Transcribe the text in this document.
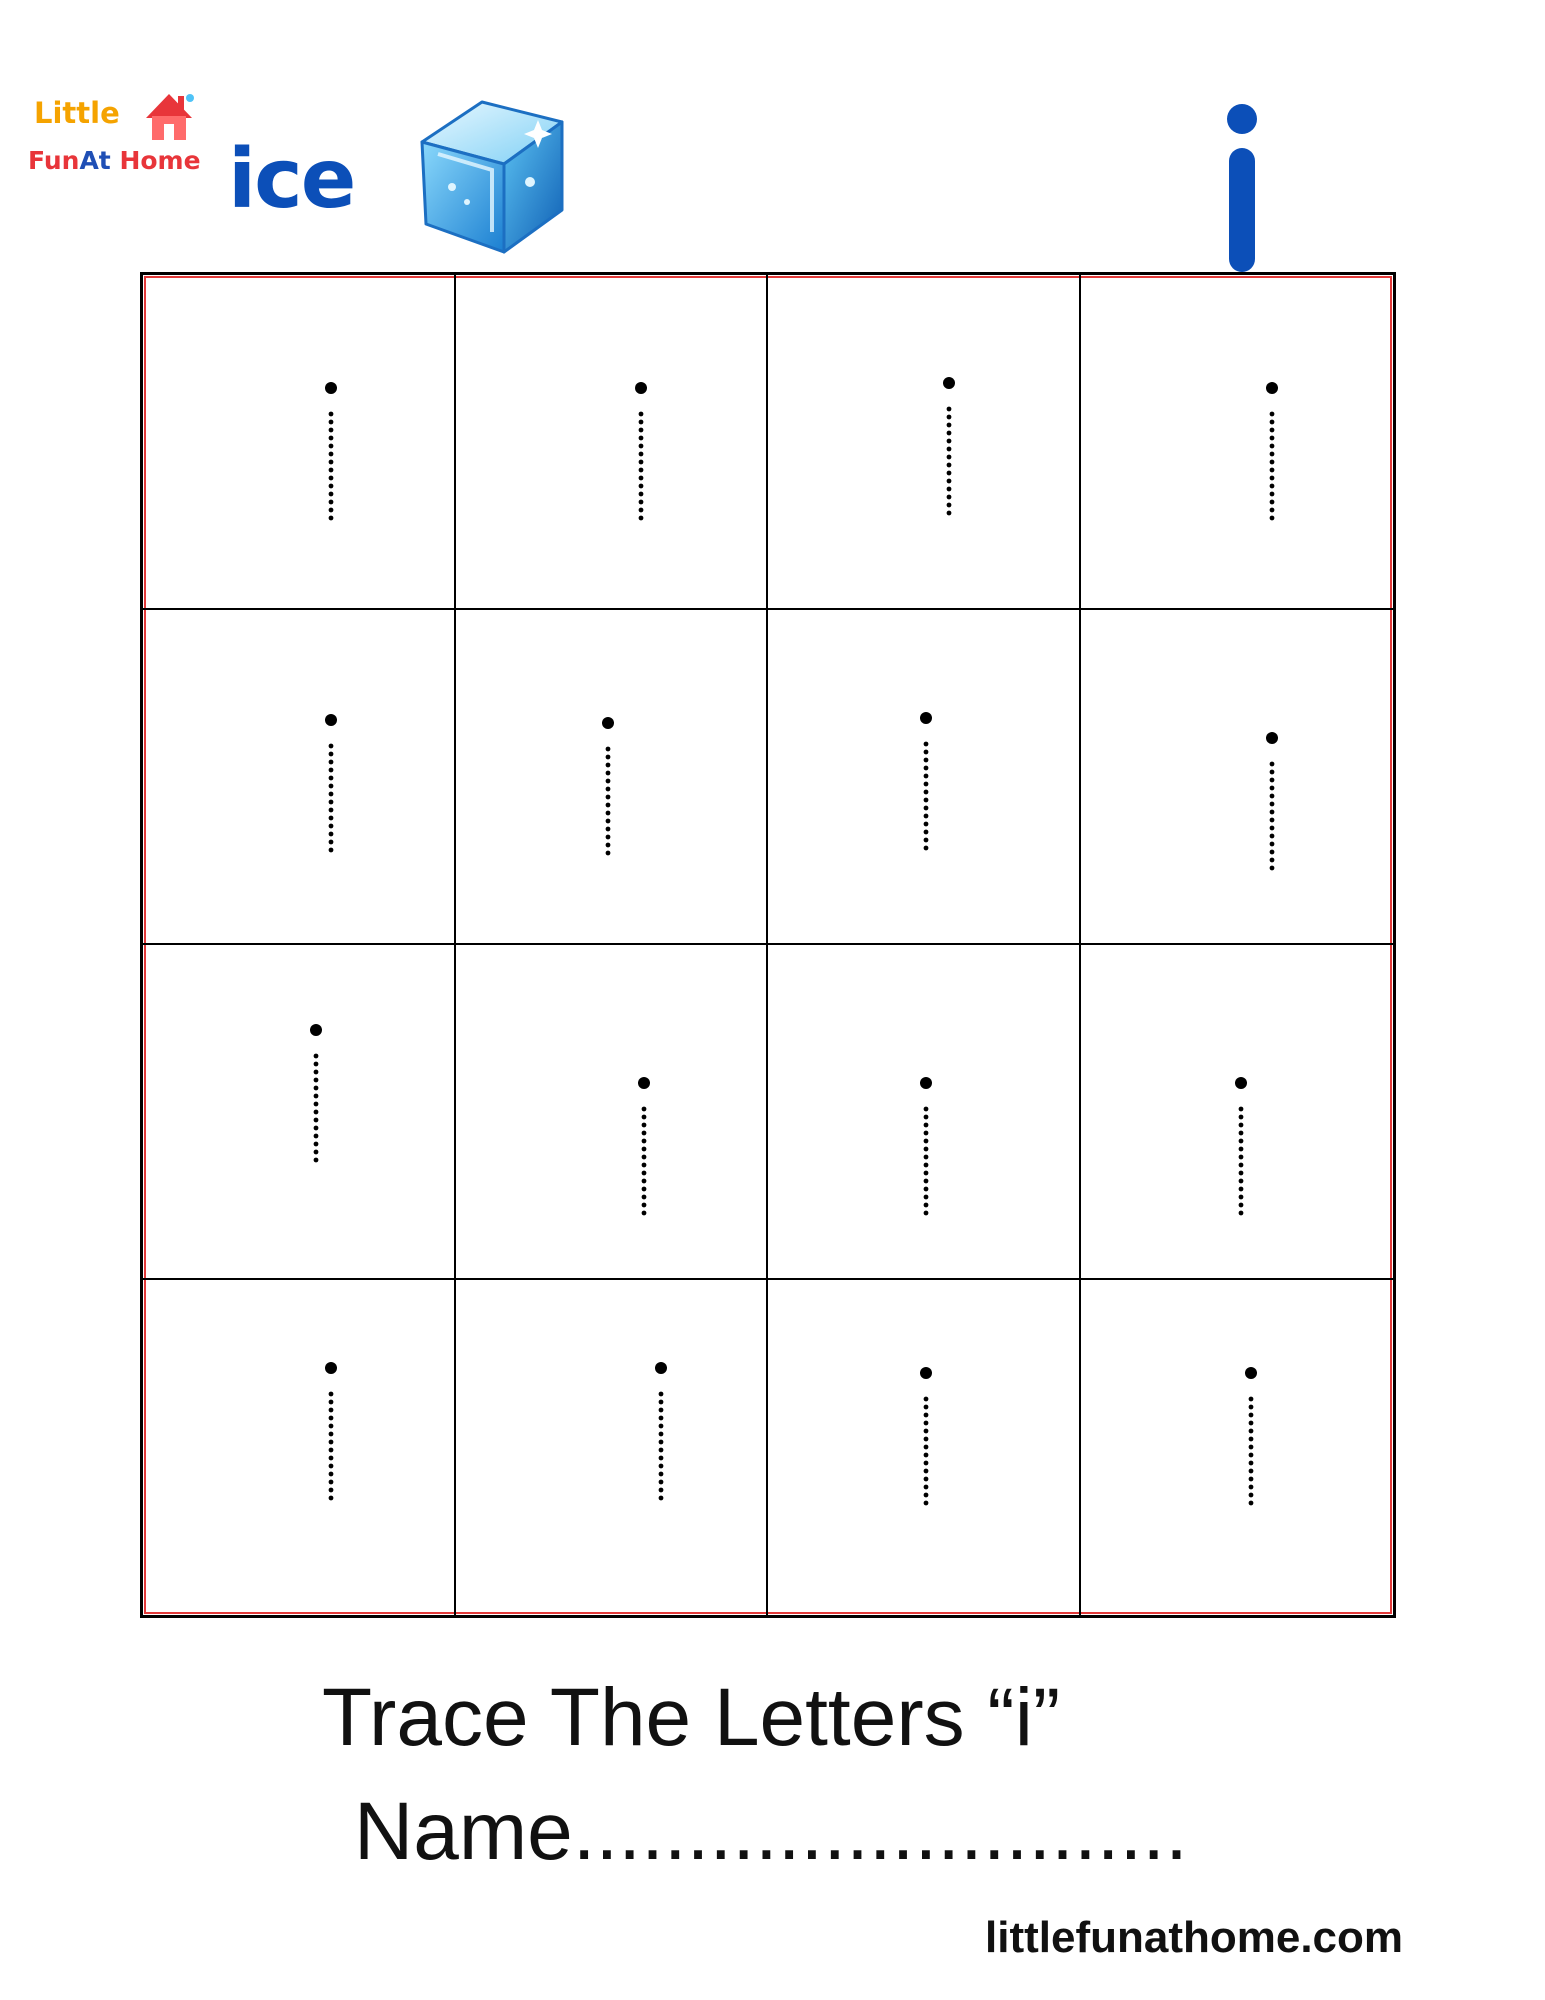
Little
FunAt Home ice
Trace The Letters “i”
Name...........................
littlefunathome.com
